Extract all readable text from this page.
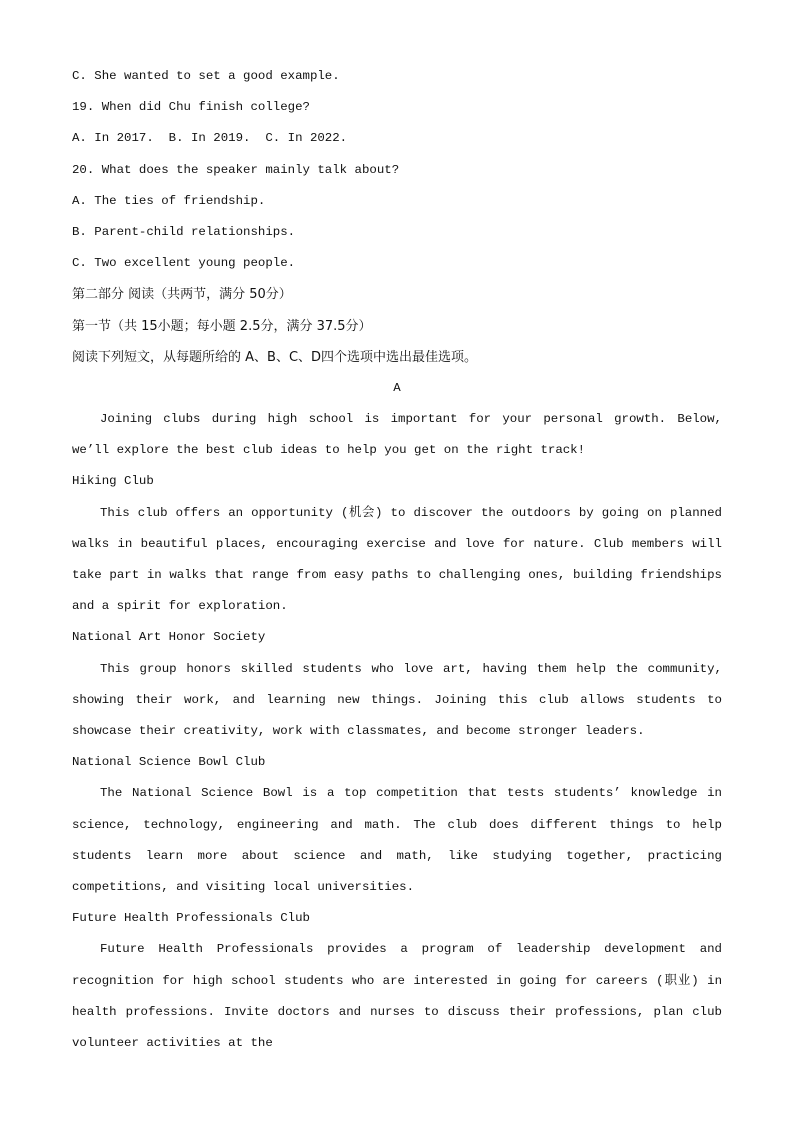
C. She wanted to set a good example.
19. When did Chu finish college?
A. In 2017.  B. In 2019.  C. In 2022.
20. What does the speaker mainly talk about?
A. The ties of friendship.
B. Parent-child relationships.
C. Two excellent young people.
第二部分 阅读（共两节，满分 50分）
第一节（共 15小题；每小题 2.5分，满分 37.5分）
阅读下列短文，从每题所给的 A、B、C、D四个选项中选出最佳选项。
A

Joining clubs during high school is important for your personal growth. Below, we’ll explore the best club ideas to help you get on the right track!

Hiking Club

This club offers an opportunity (机会) to discover the outdoors by going on planned walks in beautiful places, encouraging exercise and love for nature. Club members will take part in walks that range from easy paths to challenging ones, building friendships and a spirit for exploration.

National Art Honor Society

This group honors skilled students who love art, having them help the community, showing their work, and learning new things. Joining this club allows students to showcase their creativity, work with classmates, and become stronger leaders.

National Science Bowl Club

The National Science Bowl is a top competition that tests students’ knowledge in science, technology, engineering and math. The club does different things to help students learn more about science and math, like studying together, practicing competitions, and visiting local universities.

Future Health Professionals Club

Future Health Professionals provides a program of leadership development and recognition for high school students who are interested in going for careers (职业) in health professions. Invite doctors and nurses to discuss their professions, plan club volunteer activities at the
